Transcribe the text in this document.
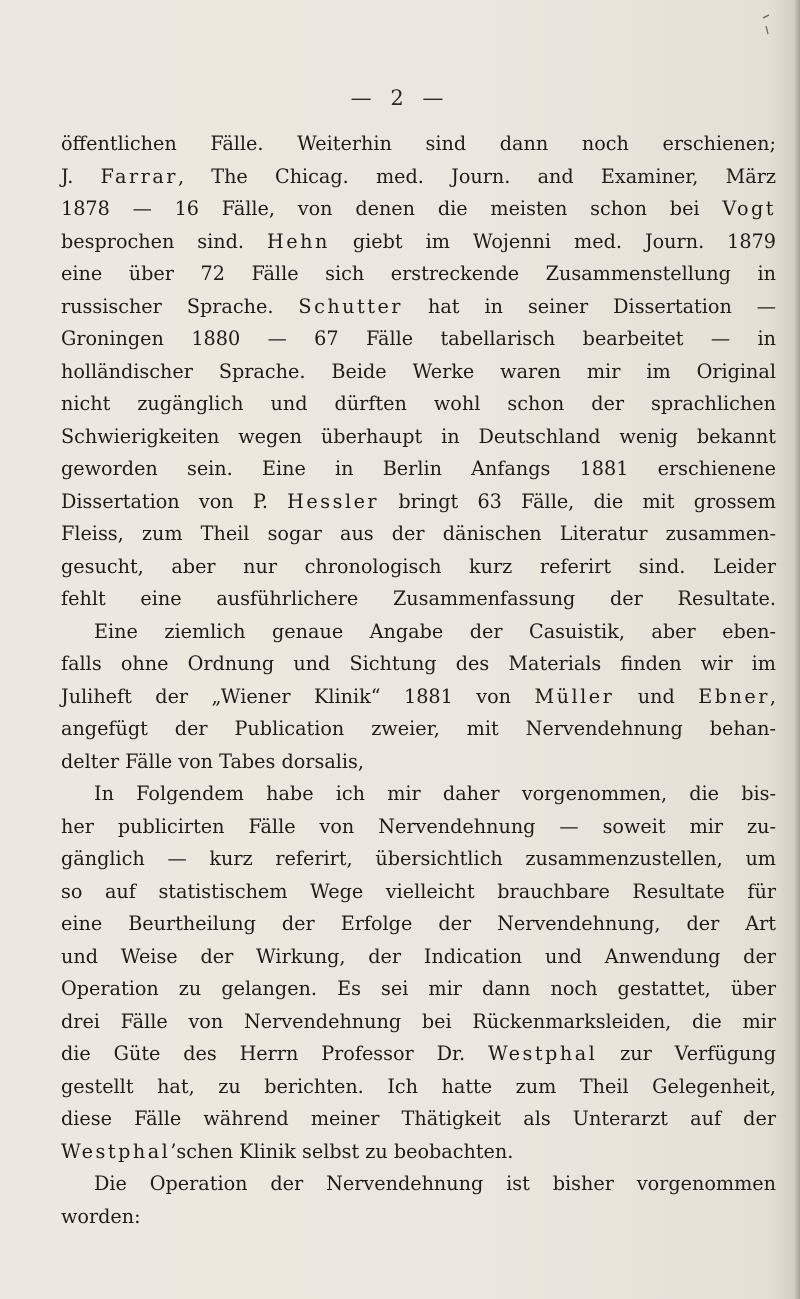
— 2 —
öffentlichen Fälle. Weiterhin sind dann noch erschienen;
J. Farrar, The Chicag. med. Journ. and Examiner, März
1878 — 16 Fälle, von denen die meisten schon bei Vogt
besprochen sind. Hehn giebt im Wojenni med. Journ. 1879
eine über 72 Fälle sich erstreckende Zusammenstellung in
russischer Sprache. Schutter hat in seiner Dissertation —
Groningen 1880 — 67 Fälle tabellarisch bearbeitet — in
holländischer Sprache. Beide Werke waren mir im Original
nicht zugänglich und dürften wohl schon der sprachlichen
Schwierigkeiten wegen überhaupt in Deutschland wenig bekannt
geworden sein. Eine in Berlin Anfangs 1881 erschienene
Dissertation von P. Hessler bringt 63 Fälle, die mit grossem
Fleiss, zum Theil sogar aus der dänischen Literatur zusammen-
gesucht, aber nur chronologisch kurz referirt sind. Leider
fehlt eine ausführlichere Zusammenfassung der Resultate.
Eine ziemlich genaue Angabe der Casuistik, aber eben-
falls ohne Ordnung und Sichtung des Materials finden wir im
Juliheft der „Wiener Klinik“ 1881 von Müller und Ebner,
angefügt der Publication zweier, mit Nervendehnung behan-
delter Fälle von Tabes dorsalis,
In Folgendem habe ich mir daher vorgenommen, die bis-
her publicirten Fälle von Nervendehnung — soweit mir zu-
gänglich — kurz referirt, übersichtlich zusammenzustellen, um
so auf statistischem Wege vielleicht brauchbare Resultate für
eine Beurtheilung der Erfolge der Nervendehnung, der Art
und Weise der Wirkung, der Indication und Anwendung der
Operation zu gelangen. Es sei mir dann noch gestattet, über
drei Fälle von Nervendehnung bei Rückenmarksleiden, die mir
die Güte des Herrn Professor Dr. Westphal zur Verfügung
gestellt hat, zu berichten. Ich hatte zum Theil Gelegenheit,
diese Fälle während meiner Thätigkeit als Unterarzt auf der
Westphal’schen Klinik selbst zu beobachten.
Die Operation der Nervendehnung ist bisher vorgenommen
worden:
